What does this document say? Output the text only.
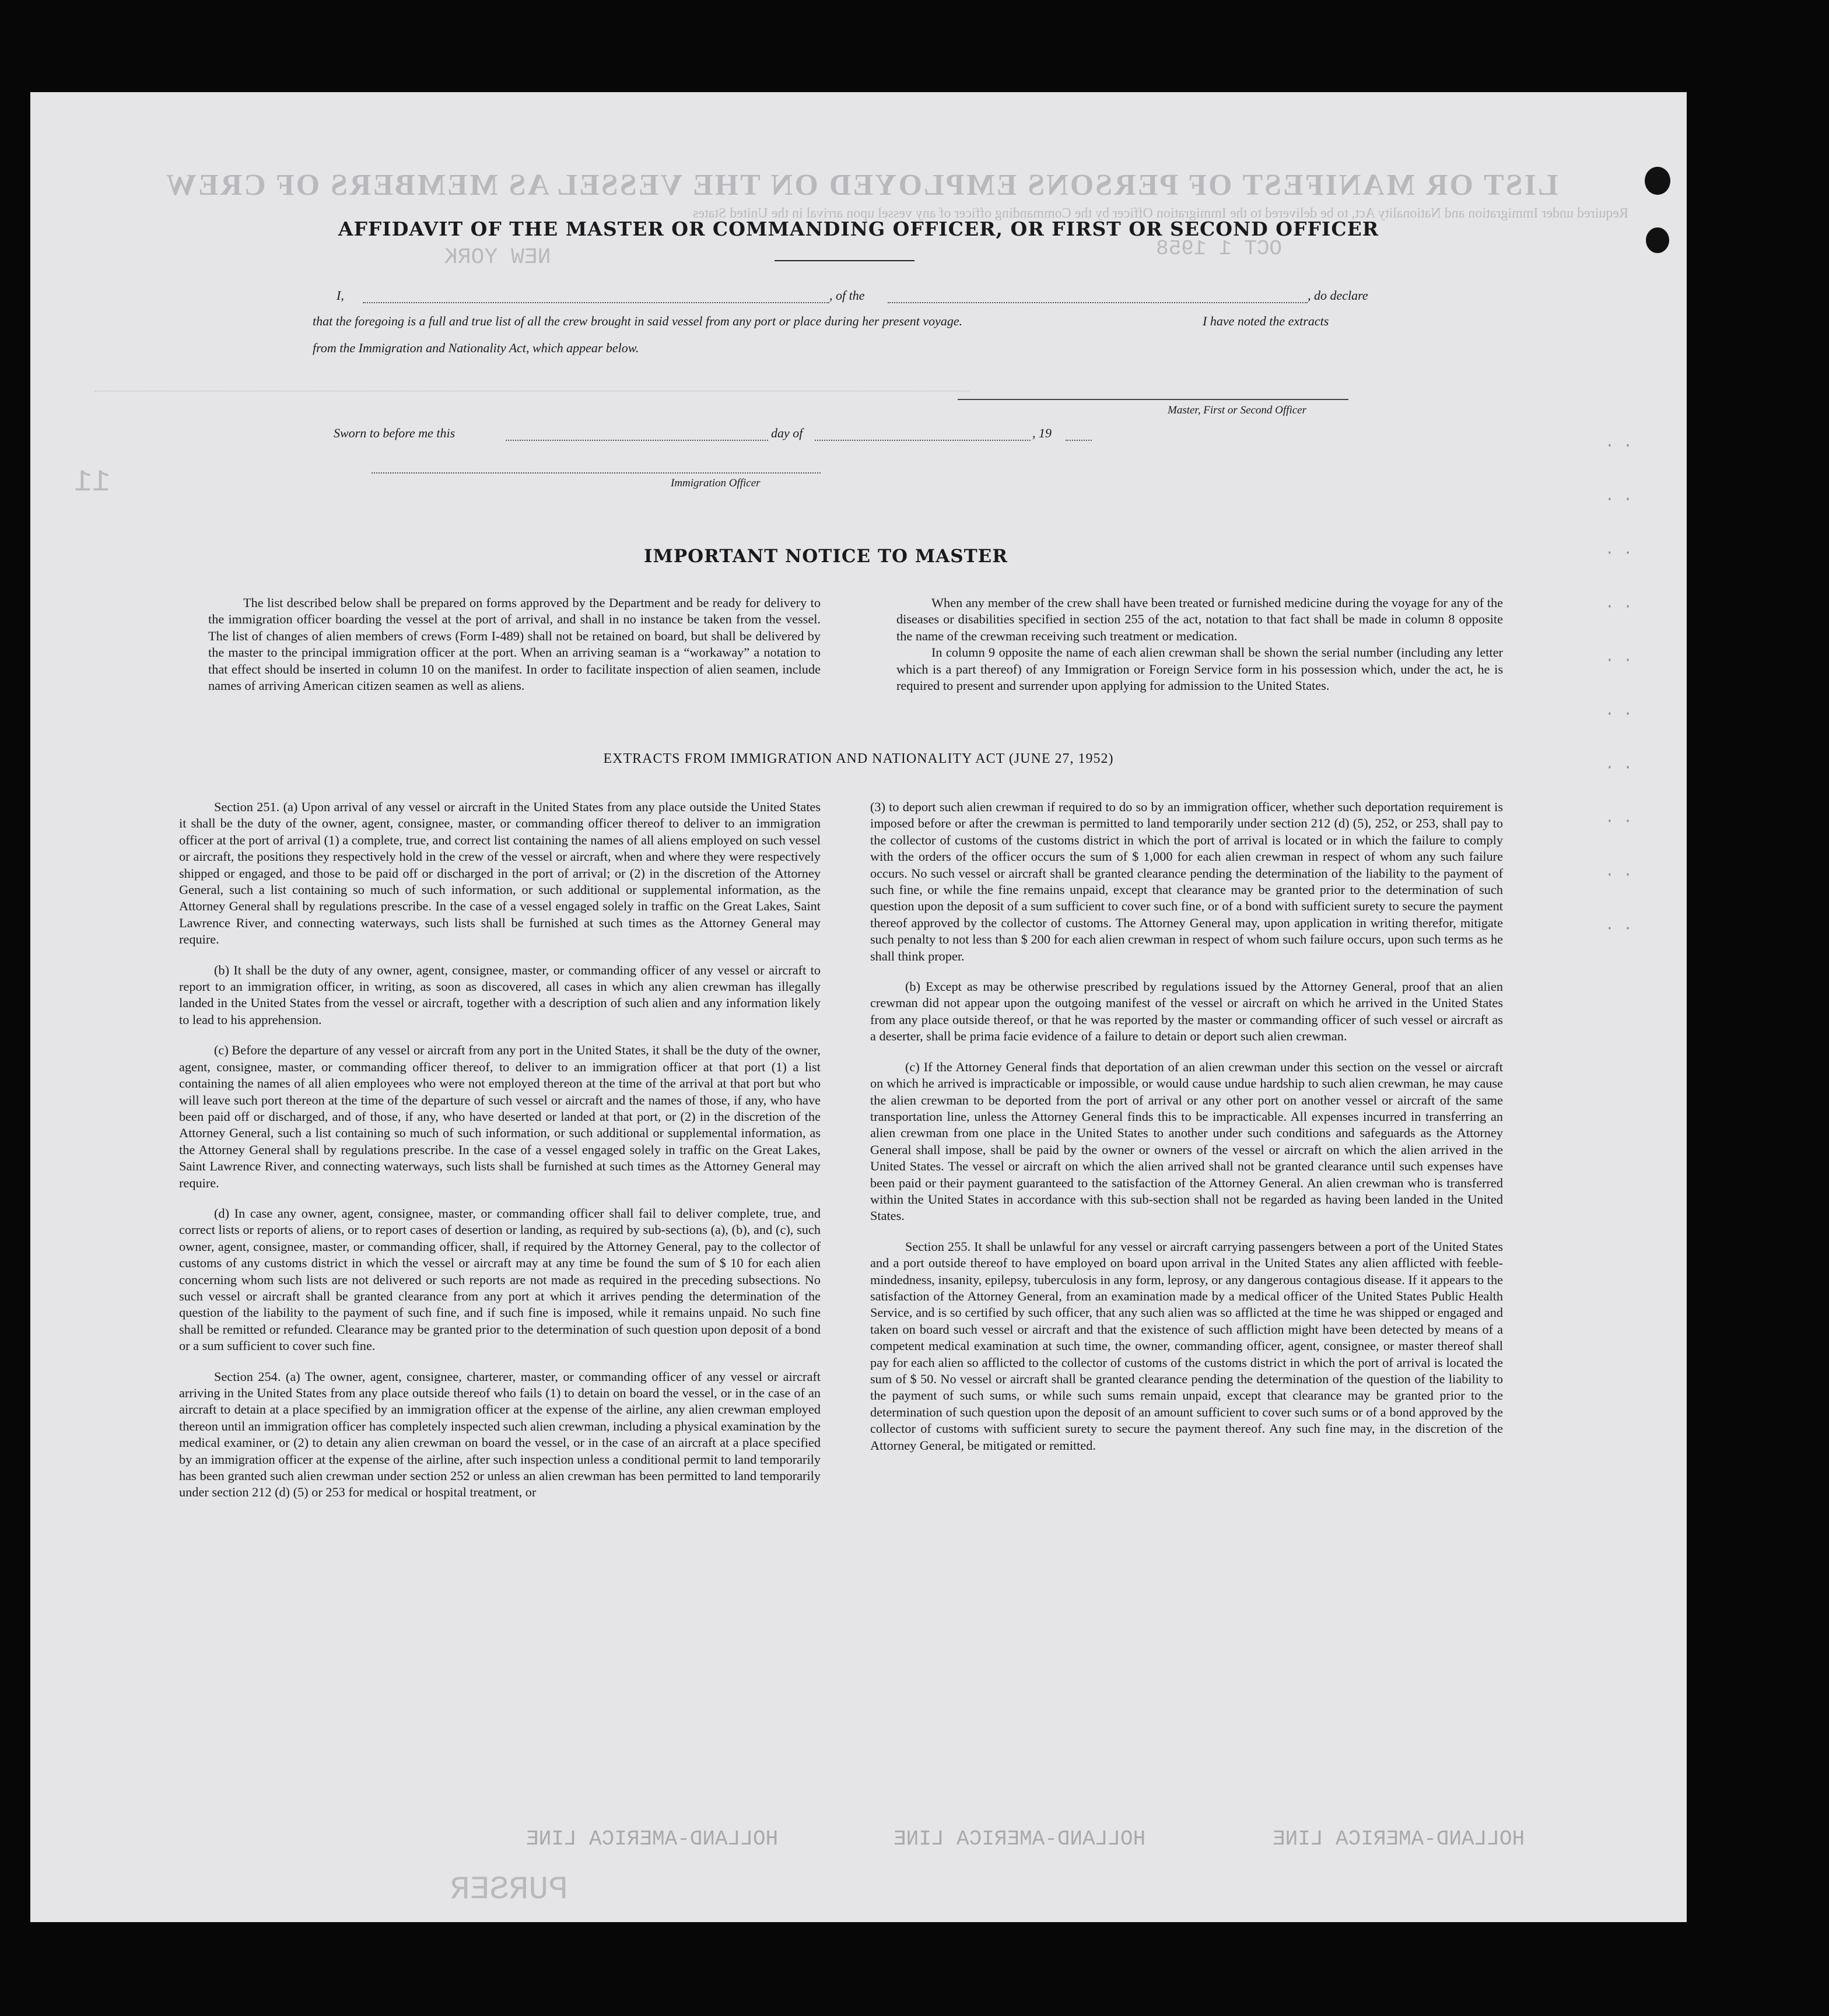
LIST OR MANIFEST OF PERSONS EMPLOYED ON THE VESSEL AS MEMBERS OF CREW
Required under Immigration and Nationality Act, to be delivered to the Immigration Officer by the Commanding officer of any vessel upon arrival in the United States
OCT 1 1958
NEW YORK
11
PURSER
AFFIDAVIT OF THE MASTER OR COMMANDING OFFICER, OR FIRST OR SECOND OFFICER
I,	, of the	, do declare
that the foregoing is a full and true list of all the crew brought in said vessel from any port or place during her present voyage.	I have noted the extracts
from the Immigration and Nationality Act, which appear below.
Master, First or Second Officer
Sworn to before me this	day of	, 19
Immigration Officer
IMPORTANT NOTICE TO MASTER

The list described below shall be prepared on forms approved by the Department and be ready for delivery to the immigration officer boarding the vessel at the port of arrival, and shall in no instance be taken from the vessel. The list of changes of alien members of crews (Form I-489) shall not be retained on board, but shall be delivered by the master to the principal immigration officer at the port. When an arriving seaman is a “workaway” a notation to that effect should be inserted in column 10 on the manifest. In order to facilitate inspection of alien seamen, include names of arriving American citizen seamen as well as aliens.

When any member of the crew shall have been treated or furnished medicine during the voyage for any of the diseases or disabilities specified in section 255 of the act, notation to that fact shall be made in column 8 opposite the name of the crewman receiving such treatment or medication.

In column 9 opposite the name of each alien crewman shall be shown the serial number (including any letter which is a part thereof) of any Immigration or Foreign Service form in his possession which, under the act, he is required to present and surrender upon applying for admission to the United States.

EXTRACTS FROM IMMIGRATION AND NATIONALITY ACT (JUNE 27, 1952)

Section 251. (a) Upon arrival of any vessel or aircraft in the United States from any place outside the United States it shall be the duty of the owner, agent, consignee, master, or commanding officer thereof to deliver to an immigration officer at the port of arrival (1) a complete, true, and correct list containing the names of all aliens employed on such vessel or aircraft, the positions they respectively hold in the crew of the vessel or aircraft, when and where they were respectively shipped or engaged, and those to be paid off or discharged in the port of arrival; or (2) in the discretion of the Attorney General, such a list containing so much of such information, or such additional or supplemental information, as the Attorney General shall by regulations prescribe. In the case of a vessel engaged solely in traffic on the Great Lakes, Saint Lawrence River, and connecting waterways, such lists shall be furnished at such times as the Attorney General may require.

(b) It shall be the duty of any owner, agent, consignee, master, or commanding officer of any vessel or aircraft to report to an immigration officer, in writing, as soon as discovered, all cases in which any alien crewman has illegally landed in the United States from the vessel or aircraft, together with a description of such alien and any information likely to lead to his apprehension.

(c) Before the departure of any vessel or aircraft from any port in the United States, it shall be the duty of the owner, agent, consignee, master, or commanding officer thereof, to deliver to an immigration officer at that port (1) a list containing the names of all alien employees who were not employed thereon at the time of the arrival at that port but who will leave such port thereon at the time of the departure of such vessel or aircraft and the names of those, if any, who have been paid off or discharged, and of those, if any, who have deserted or landed at that port, or (2) in the discretion of the Attorney General, such a list containing so much of such information, or such additional or supplemental information, as the Attorney General shall by regulations prescribe. In the case of a vessel engaged solely in traffic on the Great Lakes, Saint Lawrence River, and connecting waterways, such lists shall be furnished at such times as the Attorney General may require.

(d) In case any owner, agent, consignee, master, or commanding officer shall fail to deliver complete, true, and correct lists or reports of aliens, or to report cases of desertion or landing, as required by sub-sections (a), (b), and (c), such owner, agent, consignee, master, or commanding officer, shall, if required by the Attorney General, pay to the collector of customs of any customs district in which the vessel or aircraft may at any time be found the sum of $ 10 for each alien concerning whom such lists are not delivered or such reports are not made as required in the preceding subsections. No such vessel or aircraft shall be granted clearance from any port at which it arrives pending the determination of the question of the liability to the payment of such fine, and if such fine is imposed, while it remains unpaid. No such fine shall be remitted or refunded. Clearance may be granted prior to the determination of such question upon deposit of a bond or a sum sufficient to cover such fine.

Section 254. (a) The owner, agent, consignee, charterer, master, or commanding officer of any vessel or aircraft arriving in the United States from any place outside thereof who fails (1) to detain on board the vessel, or in the case of an aircraft to detain at a place specified by an immigration officer at the expense of the airline, any alien crewman employed thereon until an immigration officer has completely inspected such alien crewman, including a physical examination by the medical examiner, or (2) to detain any alien crewman on board the vessel, or in the case of an aircraft at a place specified by an immigration officer at the expense of the airline, after such inspection unless a conditional permit to land temporarily has been granted such alien crewman under section 252 or unless an alien crewman has been permitted to land temporarily under section 212 (d) (5) or 253 for medical or hospital treatment, or

(3) to deport such alien crewman if required to do so by an immigration officer, whether such deportation requirement is imposed before or after the crewman is permitted to land temporarily under section 212 (d) (5), 252, or 253, shall pay to the collector of customs of the customs district in which the port of arrival is located or in which the failure to comply with the orders of the officer occurs the sum of $ 1,000 for each alien crewman in respect of whom any such failure occurs. No such vessel or aircraft shall be granted clearance pending the determination of the liability to the payment of such fine, or while the fine remains unpaid, except that clearance may be granted prior to the determination of such question upon the deposit of a sum sufficient to cover such fine, or of a bond with sufficient surety to secure the payment thereof approved by the collector of customs. The Attorney General may, upon application in writing therefor, mitigate such penalty to not less than $ 200 for each alien crewman in respect of whom such failure occurs, upon such terms as he shall think proper.

(b) Except as may be otherwise prescribed by regulations issued by the Attorney General, proof that an alien crewman did not appear upon the outgoing manifest of the vessel or aircraft on which he arrived in the United States from any place outside thereof, or that he was reported by the master or commanding officer of such vessel or aircraft as a deserter, shall be prima facie evidence of a failure to detain or deport such alien crewman.

(c) If the Attorney General finds that deportation of an alien crewman under this section on the vessel or aircraft on which he arrived is impracticable or impossible, or would cause undue hardship to such alien crewman, he may cause the alien crewman to be deported from the port of arrival or any other port on another vessel or aircraft of the same transportation line, unless the Attorney General finds this to be impracticable. All expenses incurred in transferring an alien crewman from one place in the United States to another under such conditions and safeguards as the Attorney General shall impose, shall be paid by the owner or owners of the vessel or aircraft on which the alien arrived in the United States. The vessel or aircraft on which the alien arrived shall not be granted clearance until such expenses have been paid or their payment guaranteed to the satisfaction of the Attorney General. An alien crewman who is transferred within the United States in accordance with this sub-section shall not be regarded as having been landed in the United States.

Section 255. It shall be unlawful for any vessel or aircraft carrying passengers between a port of the United States and a port outside thereof to have employed on board upon arrival in the United States any alien afflicted with feeble-mindedness, insanity, epilepsy, tuberculosis in any form, leprosy, or any dangerous contagious disease. If it appears to the satisfaction of the Attorney General, from an examination made by a medical officer of the United States Public Health Service, and is so certified by such officer, that any such alien was so afflicted at the time he was shipped or engaged and taken on board such vessel or aircraft and that the existence of such affliction might have been detected by means of a competent medical examination at such time, the owner, commanding officer, agent, consignee, or master thereof shall pay for each alien so afflicted to the collector of customs of the customs district in which the port of arrival is located the sum of $ 50. No vessel or aircraft shall be granted clearance pending the determination of the question of the liability to the payment of such sums, or while such sums remain unpaid, except that clearance may be granted prior to the determination of such question upon the deposit of an amount sufficient to cover such sums or of a bond approved by the collector of customs with sufficient surety to secure the payment thereof. Any such fine may, in the discretion of the Attorney General, be mitigated or remitted.

HOLLAND-AMERICA LINE	HOLLAND-AMERICA LINE	HOLLAND-AMERICA LINE
· ·
· ·
· ·
· ·
· ·
· ·
· ·
· ·
· ·
· ·
